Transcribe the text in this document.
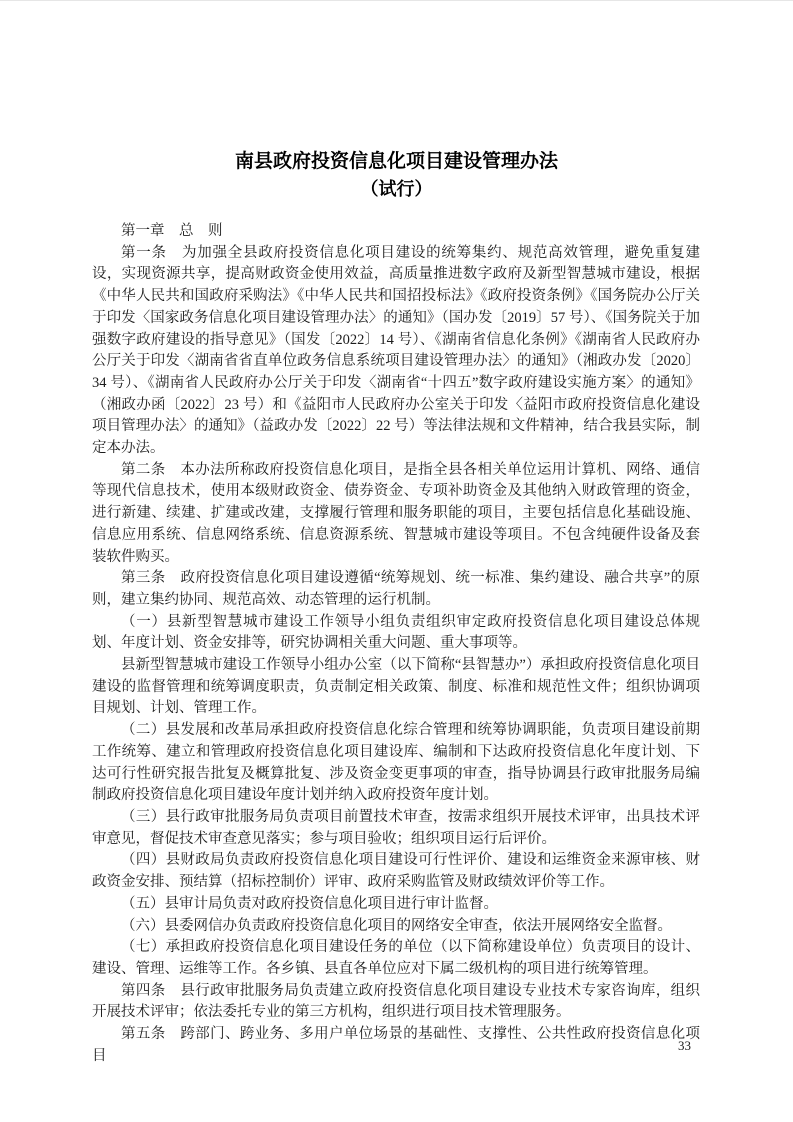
南县政府投资信息化项目建设管理办法
（试行）

第一章　总　则

第一条　为加强全县政府投资信息化项目建设的统筹集约、规范高效管理，避免重复建设，实现资源共享，提高财政资金使用效益，高质量推进数字政府及新型智慧城市建设，根据《中华人民共和国政府采购法》《中华人民共和国招投标法》《政府投资条例》《国务院办公厅关于印发〈国家政务信息化项目建设管理办法〉的通知》（国办发〔2019〕57 号）、《国务院关于加强数字政府建设的指导意见》（国发〔2022〕14 号）、《湖南省信息化条例》《湖南省人民政府办公厅关于印发〈湖南省省直单位政务信息系统项目建设管理办法〉的通知》（湘政办发〔2020〕34 号）、《湖南省人民政府办公厅关于印发〈湖南省“十四五”数字政府建设实施方案〉的通知》（湘政办函〔2022〕23 号）和《益阳市人民政府办公室关于印发〈益阳市政府投资信息化建设项目管理办法〉的通知》（益政办发〔2022〕22 号）等法律法规和文件精神，结合我县实际，制定本办法。

第二条　本办法所称政府投资信息化项目，是指全县各相关单位运用计算机、网络、通信等现代信息技术，使用本级财政资金、债券资金、专项补助资金及其他纳入财政管理的资金，进行新建、续建、扩建或改建，支撑履行管理和服务职能的项目，主要包括信息化基础设施、信息应用系统、信息网络系统、信息资源系统、智慧城市建设等项目。不包含纯硬件设备及套装软件购买。

第三条　政府投资信息化项目建设遵循“统筹规划、统一标准、集约建设、融合共享”的原则，建立集约协同、规范高效、动态管理的运行机制。

（一）县新型智慧城市建设工作领导小组负责组织审定政府投资信息化项目建设总体规划、年度计划、资金安排等，研究协调相关重大问题、重大事项等。

县新型智慧城市建设工作领导小组办公室（以下简称“县智慧办”）承担政府投资信息化项目建设的监督管理和统筹调度职责，负责制定相关政策、制度、标准和规范性文件；组织协调项目规划、计划、管理工作。

（二）县发展和改革局承担政府投资信息化综合管理和统筹协调职能，负责项目建设前期工作统筹、建立和管理政府投资信息化项目建设库、编制和下达政府投资信息化年度计划、下达可行性研究报告批复及概算批复、涉及资金变更事项的审查，指导协调县行政审批服务局编制政府投资信息化项目建设年度计划并纳入政府投资年度计划。

（三）县行政审批服务局负责项目前置技术审查，按需求组织开展技术评审，出具技术评审意见，督促技术审查意见落实；参与项目验收；组织项目运行后评价。

（四）县财政局负责政府投资信息化项目建设可行性评价、建设和运维资金来源审核、财政资金安排、预结算（招标控制价）评审、政府采购监管及财政绩效评价等工作。

（五）县审计局负责对政府投资信息化项目进行审计监督。

（六）县委网信办负责政府投资信息化项目的网络安全审查，依法开展网络安全监督。

（七）承担政府投资信息化项目建设任务的单位（以下简称建设单位）负责项目的设计、建设、管理、运维等工作。各乡镇、县直各单位应对下属二级机构的项目进行统筹管理。

第四条　县行政审批服务局负责建立政府投资信息化项目建设专业技术专家咨询库，组织开展技术评审；依法委托专业的第三方机构，组织进行项目技术管理服务。

第五条　跨部门、跨业务、多用户单位场景的基础性、支撑性、公共性政府投资信息化项目

33
